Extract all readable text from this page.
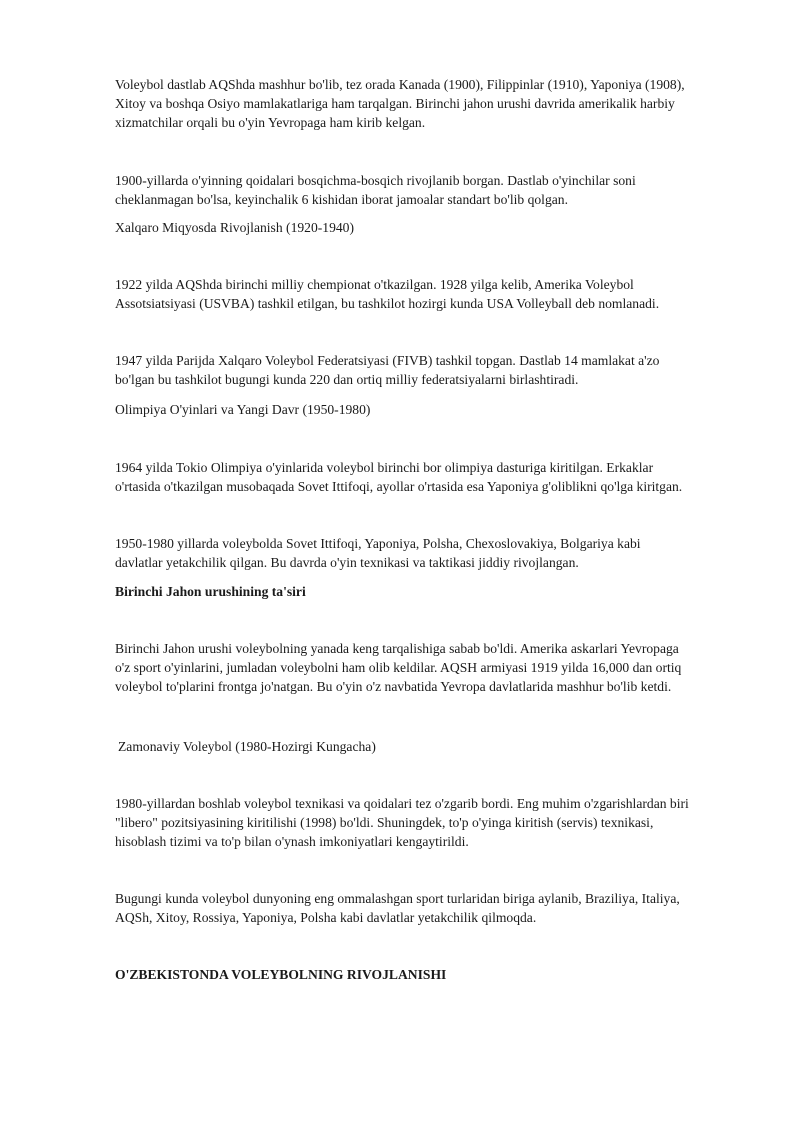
Voleybol dastlab AQShda mashhur bo'lib, tez orada Kanada (1900), Filippinlar (1910), Yaponiya (1908),
Xitoy va boshqa Osiyo mamlakatlariga ham tarqalgan. Birinchi jahon urushi davrida amerikalik harbiy
xizmatchilar orqali bu o'yin Yevropaga ham kirib kelgan.

1900-yillarda o'yinning qoidalari bosqichma-bosqich rivojlanib borgan. Dastlab o'yinchilar soni
cheklanmagan bo'lsa, keyinchalik 6 kishidan iborat jamoalar standart bo'lib qolgan.

Xalqaro Miqyosda Rivojlanish (1920-1940)

1922 yilda AQShda birinchi milliy chempionat o'tkazilgan. 1928 yilga kelib, Amerika Voleybol
Assotsiatsiyasi (USVBA) tashkil etilgan, bu tashkilot hozirgi kunda USA Volleyball deb nomlanadi.

1947 yilda Parijda Xalqaro Voleybol Federatsiyasi (FIVB) tashkil topgan. Dastlab 14 mamlakat a'zo
bo'lgan bu tashkilot bugungi kunda 220 dan ortiq milliy federatsiyalarni birlashtiradi.

Olimpiya O'yinlari va Yangi Davr (1950-1980)

1964 yilda Tokio Olimpiya o'yinlarida voleybol birinchi bor olimpiya dasturiga kiritilgan. Erkaklar
o'rtasida o'tkazilgan musobaqada Sovet Ittifoqi, ayollar o'rtasida esa Yaponiya g'oliblikni qo'lga kiritgan.

1950-1980 yillarda voleybolda Sovet Ittifoqi, Yaponiya, Polsha, Chexoslovakiya, Bolgariya kabi
davlatlar yetakchilik qilgan. Bu davrda o'yin texnikasi va taktikasi jiddiy rivojlangan.

Birinchi Jahon urushining ta'siri

Birinchi Jahon urushi voleybolning yanada keng tarqalishiga sabab bo'ldi. Amerika askarlari Yevropaga
o'z sport o'yinlarini, jumladan voleybolni ham olib keldilar. AQSH armiyasi 1919 yilda 16,000 dan ortiq
voleybol to'plarini frontga jo'natgan. Bu o'yin o'z navbatida Yevropa davlatlarida mashhur bo'lib ketdi.

Zamonaviy Voleybol (1980-Hozirgi Kungacha)

1980-yillardan boshlab voleybol texnikasi va qoidalari tez o'zgarib bordi. Eng muhim o'zgarishlardan biri
"libero" pozitsiyasining kiritilishi (1998) bo'ldi. Shuningdek, to'p o'yinga kiritish (servis) texnikasi,
hisoblash tizimi va to'p bilan o'ynash imkoniyatlari kengaytirildi.

Bugungi kunda voleybol dunyoning eng ommalashgan sport turlaridan biriga aylanib, Braziliya, Italiya,
AQSh, Xitoy, Rossiya, Yaponiya, Polsha kabi davlatlar yetakchilik qilmoqda.

O'ZBEKISTONDA VOLEYBOLNING RIVOJLANISHI
